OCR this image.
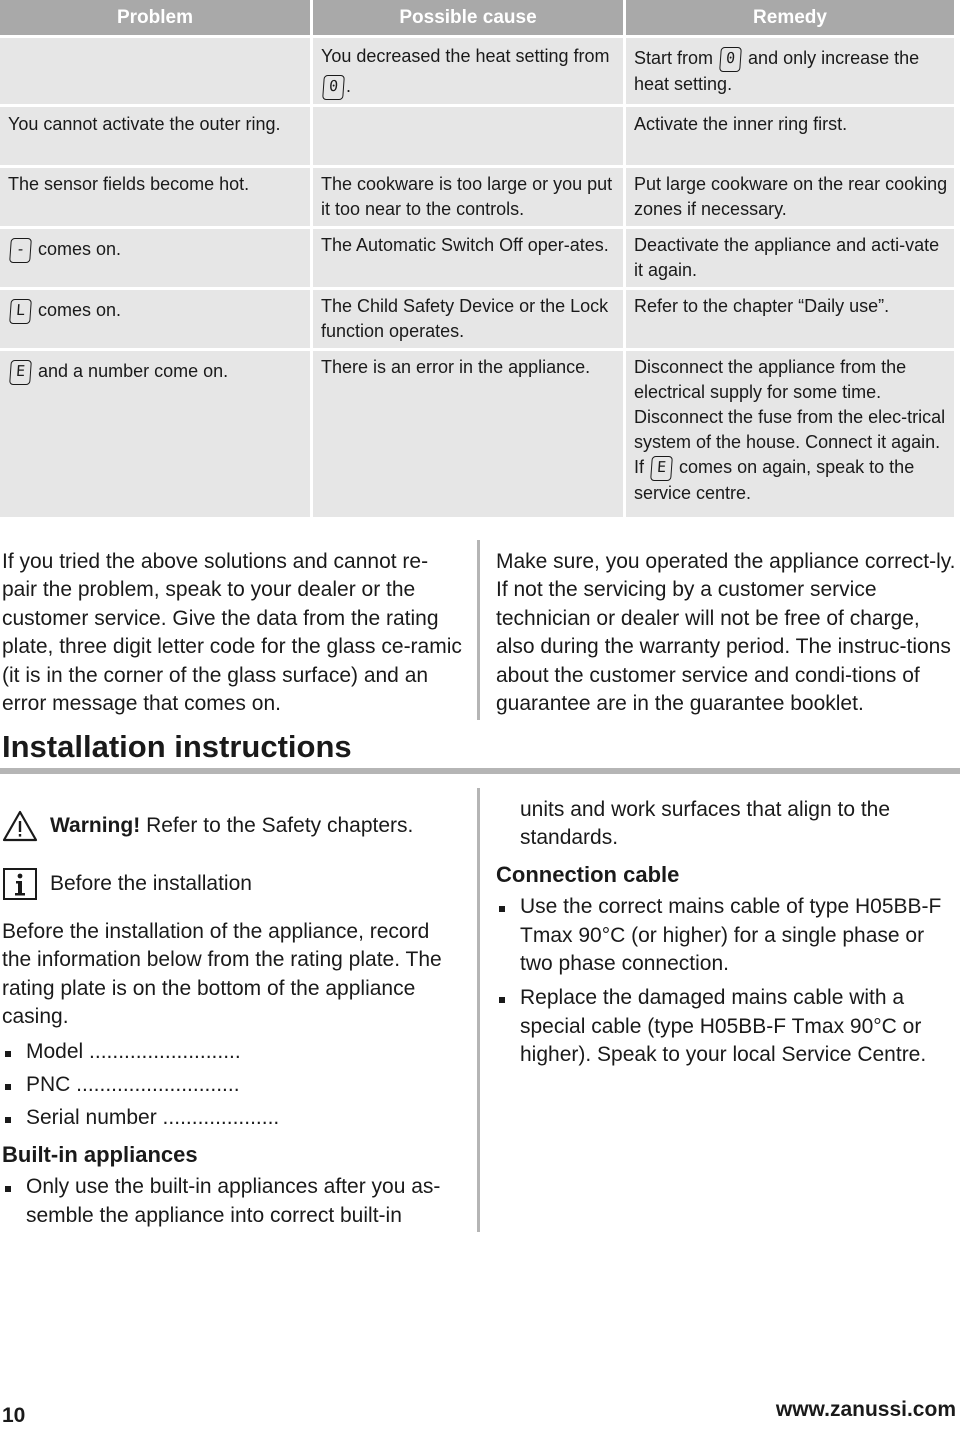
Problem	Possible cause	Remedy
	You decreased the heat setting from 0 .	Start from 0 and only increase the heat setting.
You cannot activate the outer ring.		Activate the inner ring first.
The sensor fields become hot.	The cookware is too large or you put it too near to the controls.	Put large cookware on the rear cooking zones if necessary.
- comes on.	The Automatic Switch Off oper-ates.	Deactivate the appliance and acti-vate it again.
L comes on.	The Child Safety Device or the Lock function operates.	Refer to the chapter “Daily use”.
E and a number come on.	There is an error in the appliance.	Disconnect the appliance from the electrical supply for some time. Disconnect the fuse from the elec-trical system of the house. Connect it again. If E comes on again, speak to the service centre.
If you tried the above solutions and cannot re-pair the problem, speak to your dealer or the customer service. Give the data from the rating plate, three digit letter code for the glass ce-ramic (it is in the corner of the glass surface) and an error message that comes on.
Make sure, you operated the appliance correct-ly. If not the servicing by a customer service technician or dealer will not be free of charge, also during the warranty period. The instruc-tions about the customer service and condi-tions of guarantee are in the guarantee booklet.
Installation instructions
Warning! Refer to the Safety chapters.
Before the installation

Before the installation of the appliance, record the information below from the rating plate. The rating plate is on the bottom of the appliance casing.

Model ..........................
PNC ............................
Serial number ....................
Built-in appliances
Only use the built-in appliances after you as-semble the appliance into correct built-in

units and work surfaces that align to the standards.

Connection cable
Use the correct mains cable of type H05BB-F Tmax 90°C (or higher) for a single phase or two phase connection.
Replace the damaged mains cable with a special cable (type H05BB-F Tmax 90°C or higher). Speak to your local Service Centre.
10	www.zanussi.com
